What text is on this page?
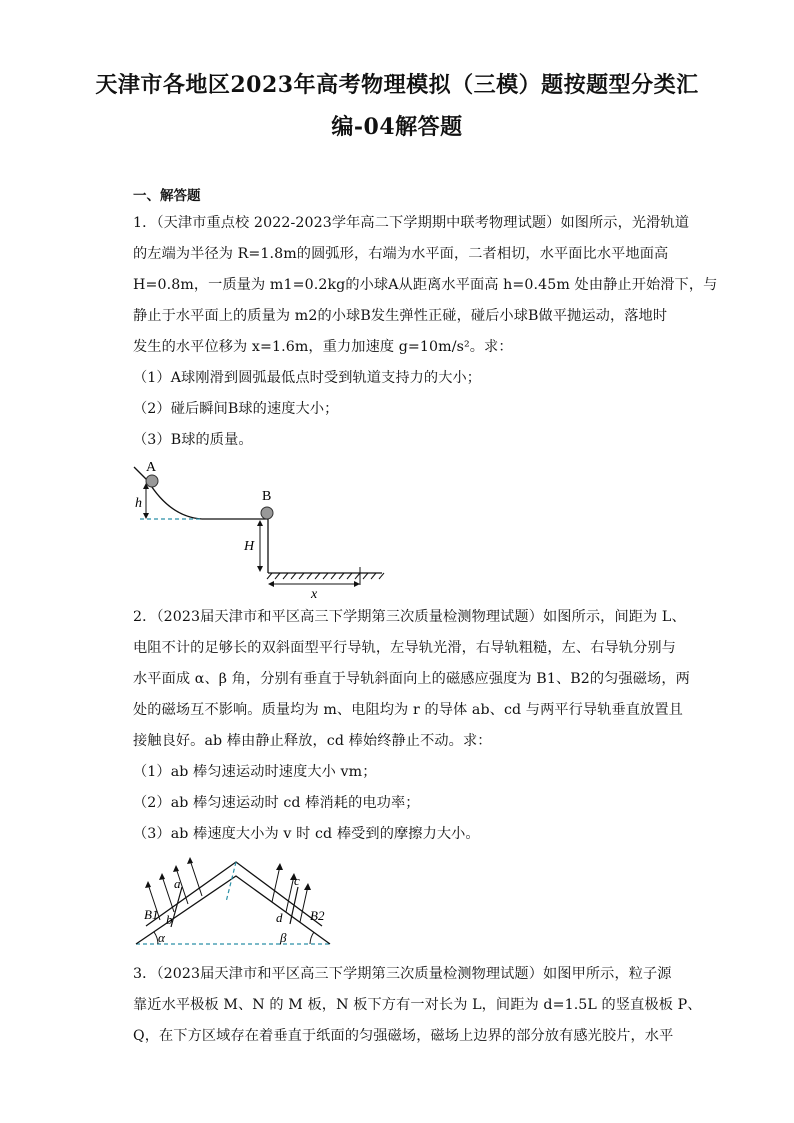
天津市各地区2023年高考物理模拟（三模）题按题型分类汇
编-04解答题
一、解答题
1．（天津市重点校 2022-2023学年高二下学期期中联考物理试题）如图所示，光滑轨道
的左端为半径为 R=1.8m的圆弧形，右端为水平面，二者相切，水平面比水平地面高
H=0.8m，一质量为 m1=0.2kg的小球A从距离水平面高 h=0.45m 处由静止开始滑下，与
静止于水平面上的质量为 m2的小球B发生弹性正碰，碰后小球B做平抛运动，落地时
发生的水平位移为 x=1.6m，重力加速度 g=10m/s²。求：
（1）A球刚滑到圆弧最低点时受到轨道支持力的大小；
（2）碰后瞬间B球的速度大小；
（3）B球的质量。
A
h	B
H
x
2．（2023届天津市和平区高三下学期第三次质量检测物理试题）如图所示，间距为 L、
电阻不计的足够长的双斜面型平行导轨，左导轨光滑，右导轨粗糙，左、右导轨分别与
水平面成 α、β 角，分别有垂直于导轨斜面向上的磁感应强度为 B1、B2的匀强磁场，两
处的磁场互不影响。质量均为 m、电阻均为 r 的导体 ab、cd 与两平行导轨垂直放置且
接触良好。ab 棒由静止释放，cd 棒始终静止不动。求：
（1）ab 棒匀速运动时速度大小 vm；
（2）ab 棒匀速运动时 cd 棒消耗的电功率；
（3）ab 棒速度大小为 v 时 cd 棒受到的摩擦力大小。
a
b
B1
c
d B2
α	β
3．（2023届天津市和平区高三下学期第三次质量检测物理试题）如图甲所示，粒子源
靠近水平极板 M、N 的 M 板，N 板下方有一对长为 L，间距为 d=1.5L 的竖直极板 P、
Q，在下方区域存在着垂直于纸面的匀强磁场，磁场上边界的部分放有感光胶片，水平
